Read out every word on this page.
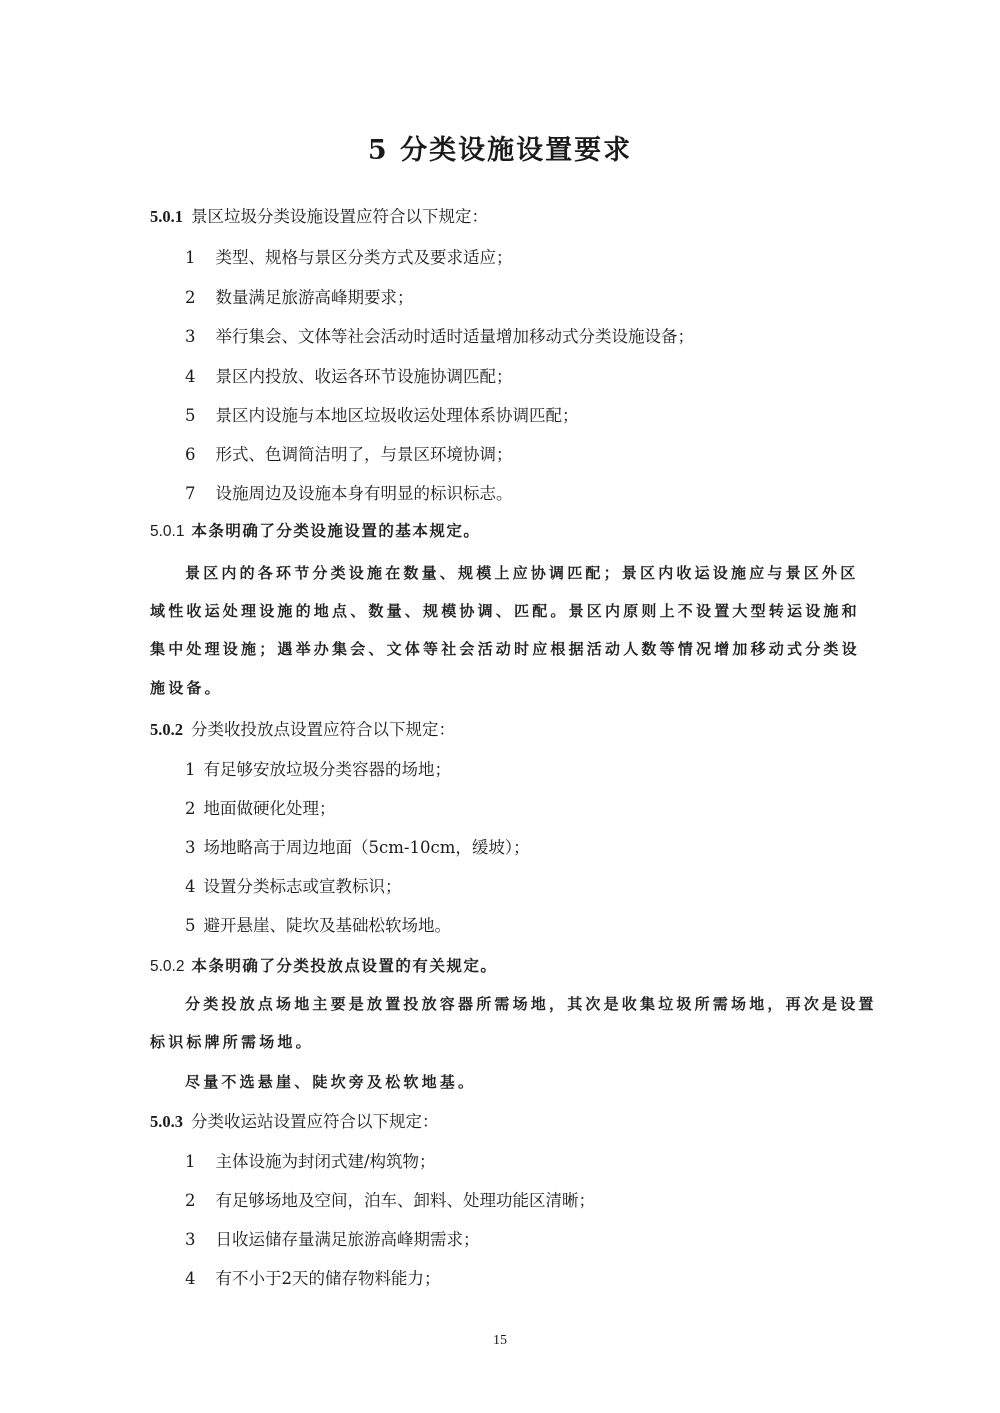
5 分类设施设置要求
5.0.1 景区垃圾分类设施设置应符合以下规定：
1 类型、规格与景区分类方式及要求适应；
2 数量满足旅游高峰期要求；
3 举行集会、文体等社会活动时适时适量增加移动式分类设施设备；
4 景区内投放、收运各环节设施协调匹配；
5 景区内设施与本地区垃圾收运处理体系协调匹配；
6 形式、色调简洁明了，与景区环境协调；
7 设施周边及设施本身有明显的标识标志。
5.0.1 本条明确了分类设施设置的基本规定。
景区内的各环节分类设施在数量、规模上应协调匹配；景区内收运设施应与景区外区
域性收运处理设施的地点、数量、规模协调、匹配。景区内原则上不设置大型转运设施和
集中处理设施；遇举办集会、文体等社会活动时应根据活动人数等情况增加移动式分类设
施设备。
5.0.2 分类收投放点设置应符合以下规定：
1 有足够安放垃圾分类容器的场地；
2 地面做硬化处理；
3 场地略高于周边地面（5cm-10cm，缓坡）；
4 设置分类标志或宣教标识；
5 避开悬崖、陡坎及基础松软场地。
5.0.2 本条明确了分类投放点设置的有关规定。
分类投放点场地主要是放置投放容器所需场地，其次是收集垃圾所需场地，再次是设置
标识标牌所需场地。
尽量不选悬崖、陡坎旁及松软地基。
5.0.3 分类收运站设置应符合以下规定：
1 主体设施为封闭式建/构筑物；
2 有足够场地及空间，泊车、卸料、处理功能区清晰；
3 日收运储存量满足旅游高峰期需求；
4 有不小于2天的储存物料能力；
15
